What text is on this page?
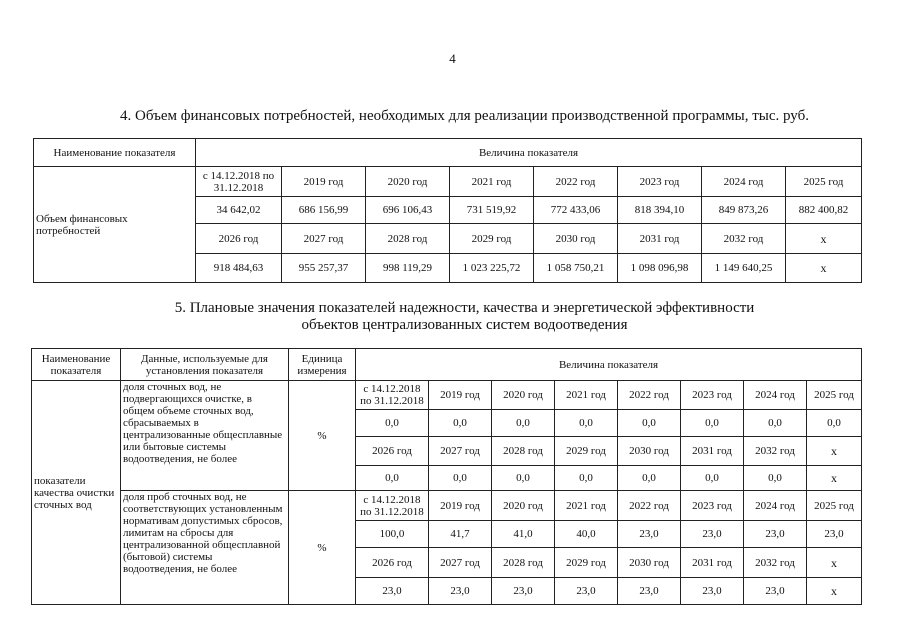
4
4. Объем финансовых потребностей, необходимых для реализации производственной программы, тыс. руб.
Наименование показателя	Величина показателя							
Объем финансовых потребностей	с 14.12.2018 по 31.12.2018	2019 год	2020 год	2021 год	2022 год	2023 год	2024 год	2025 год
	34 642,02	686 156,99	696 106,43	731 519,92	772 433,06	818 394,10	849 873,26	882 400,82
	2026 год	2027 год	2028 год	2029 год	2030 год	2031 год	2032 год	x
	918 484,63	955 257,37	998 119,29	1 023 225,72	1 058 750,21	1 098 096,98	1 149 640,25	x
5. Плановые значения показателей надежности, качества и энергетической эффективности
объектов централизованных систем водоотведения
Наименование показателя	Данные, используемые для установления показателя	Единица измерения	Величина показателя							
показатели качества очистки сточных вод	доля сточных вод, не подвергающихся очистке, в общем объеме сточных вод, сбрасываемых в централизованные общесплавные или бытовые системы водоотведения, не более	%	с 14.12.2018 по 31.12.2018	2019 год	2020 год	2021 год	2022 год	2023 год	2024 год	2025 год
			0,0	0,0	0,0	0,0	0,0	0,0	0,0	0,0
			2026 год	2027 год	2028 год	2029 год	2030 год	2031 год	2032 год	x
			0,0	0,0	0,0	0,0	0,0	0,0	0,0	x
	доля проб сточных вод, не соответствующих установленным нормативам допустимых сбросов, лимитам на сбросы для централизованной общесплавной (бытовой) системы водоотведения, не более	%	с 14.12.2018 по 31.12.2018	2019 год	2020 год	2021 год	2022 год	2023 год	2024 год	2025 год
			100,0	41,7	41,0	40,0	23,0	23,0	23,0	23,0
			2026 год	2027 год	2028 год	2029 год	2030 год	2031 год	2032 год	x
			23,0	23,0	23,0	23,0	23,0	23,0	23,0	x
